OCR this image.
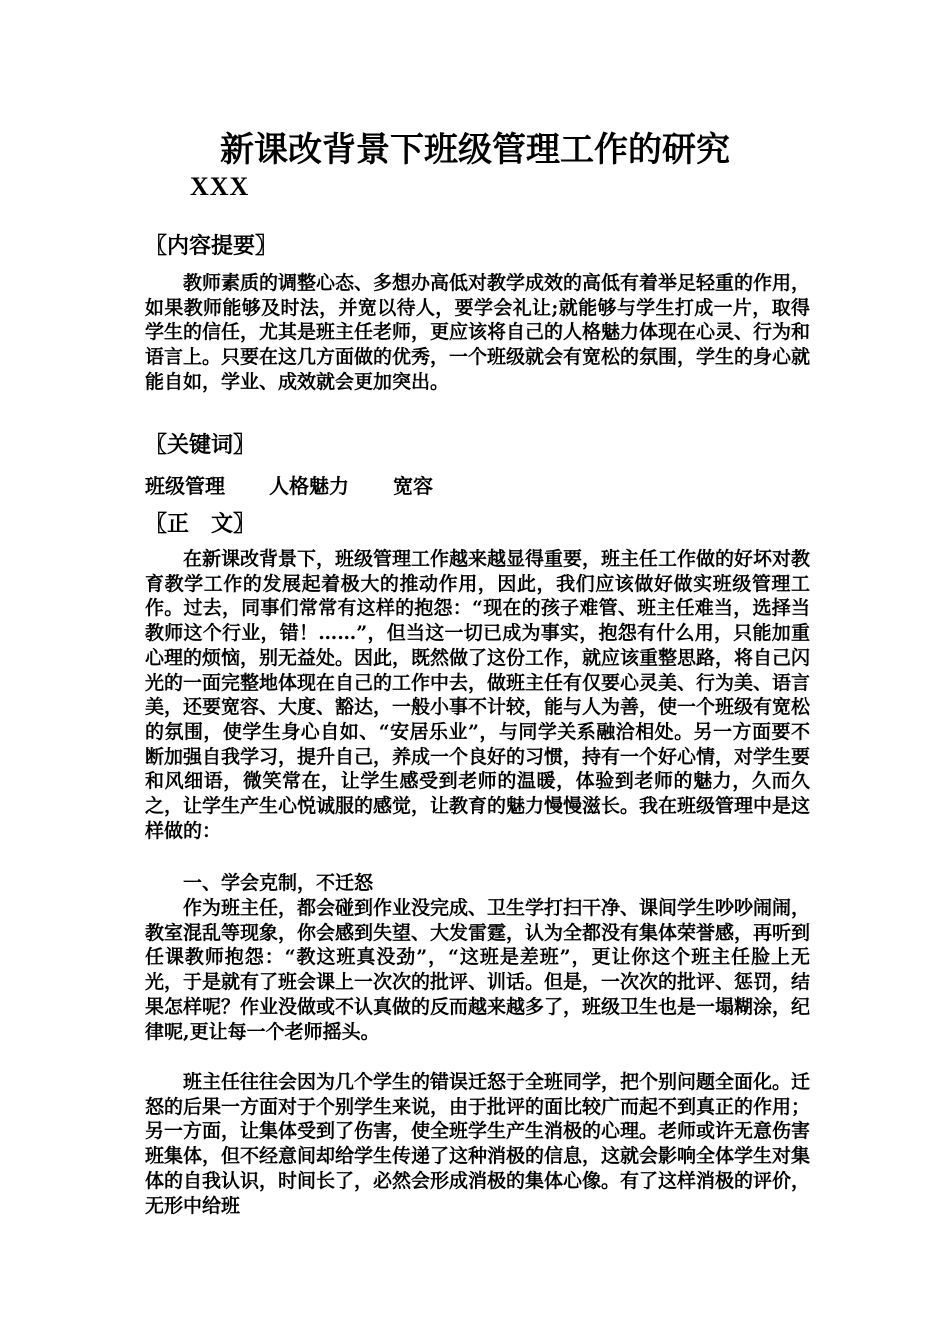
新课改背景下班级管理工作的研究
XXX
〖内容提要〗

教师素质的调整心态、多想办高低对教学成效的高低有着举足轻重的作用，如果教师能够及时法，并宽以待人，要学会礼让;就能够与学生打成一片，取得学生的信任，尤其是班主任老师，更应该将自己的人格魅力体现在心灵、行为和语言上。只要在这几方面做的优秀，一个班级就会有宽松的氛围，学生的身心就能自如，学业、成效就会更加突出。

〖关键词〗
班级管理 人格魅力 宽容
〖正　文〗

在新课改背景下，班级管理工作越来越显得重要，班主任工作做的好坏对教育教学工作的发展起着极大的推动作用，因此，我们应该做好做实班级管理工作。过去，同事们常常有这样的抱怨：“现在的孩子难管、班主任难当，选择当教师这个行业，错！……”，但当这一切已成为事实，抱怨有什么用，只能加重心理的烦恼，别无益处。因此，既然做了这份工作，就应该重整思路，将自己闪光的一面完整地体现在自己的工作中去，做班主任有仅要心灵美、行为美、语言美，还要宽容、大度、豁达，一般小事不计较，能与人为善，使一个班级有宽松的氛围，使学生身心自如、“安居乐业”，与同学关系融洽相处。另一方面要不断加强自我学习，提升自己，养成一个良好的习惯，持有一个好心情，对学生要和风细语，微笑常在，让学生感受到老师的温暖，体验到老师的魅力，久而久之，让学生产生心悦诚服的感觉，让教育的魅力慢慢滋长。我在班级管理中是这样做的：

一、学会克制，不迁怒

作为班主任，都会碰到作业没完成、卫生学打扫干净、课间学生吵吵闹闹，教室混乱等现象，你会感到失望、大发雷霆，认为全都没有集体荣誉感，再听到任课教师抱怨：“教这班真没劲”，“这班是差班”，更让你这个班主任脸上无光，于是就有了班会课上一次次的批评、训话。但是，一次次的批评、惩罚，结果怎样呢？作业没做或不认真做的反而越来越多了，班级卫生也是一塌糊涂，纪律呢,更让每一个老师摇头。

班主任往往会因为几个学生的错误迁怒于全班同学，把个别问题全面化。迁怒的后果一方面对于个别学生来说，由于批评的面比较广而起不到真正的作用；另一方面，让集体受到了伤害，使全班学生产生消极的心理。老师或许无意伤害班集体，但不经意间却给学生传递了这种消极的信息，这就会影响全体学生对集体的自我认识，时间长了，必然会形成消极的集体心像。有了这样消极的评价，无形中给班
